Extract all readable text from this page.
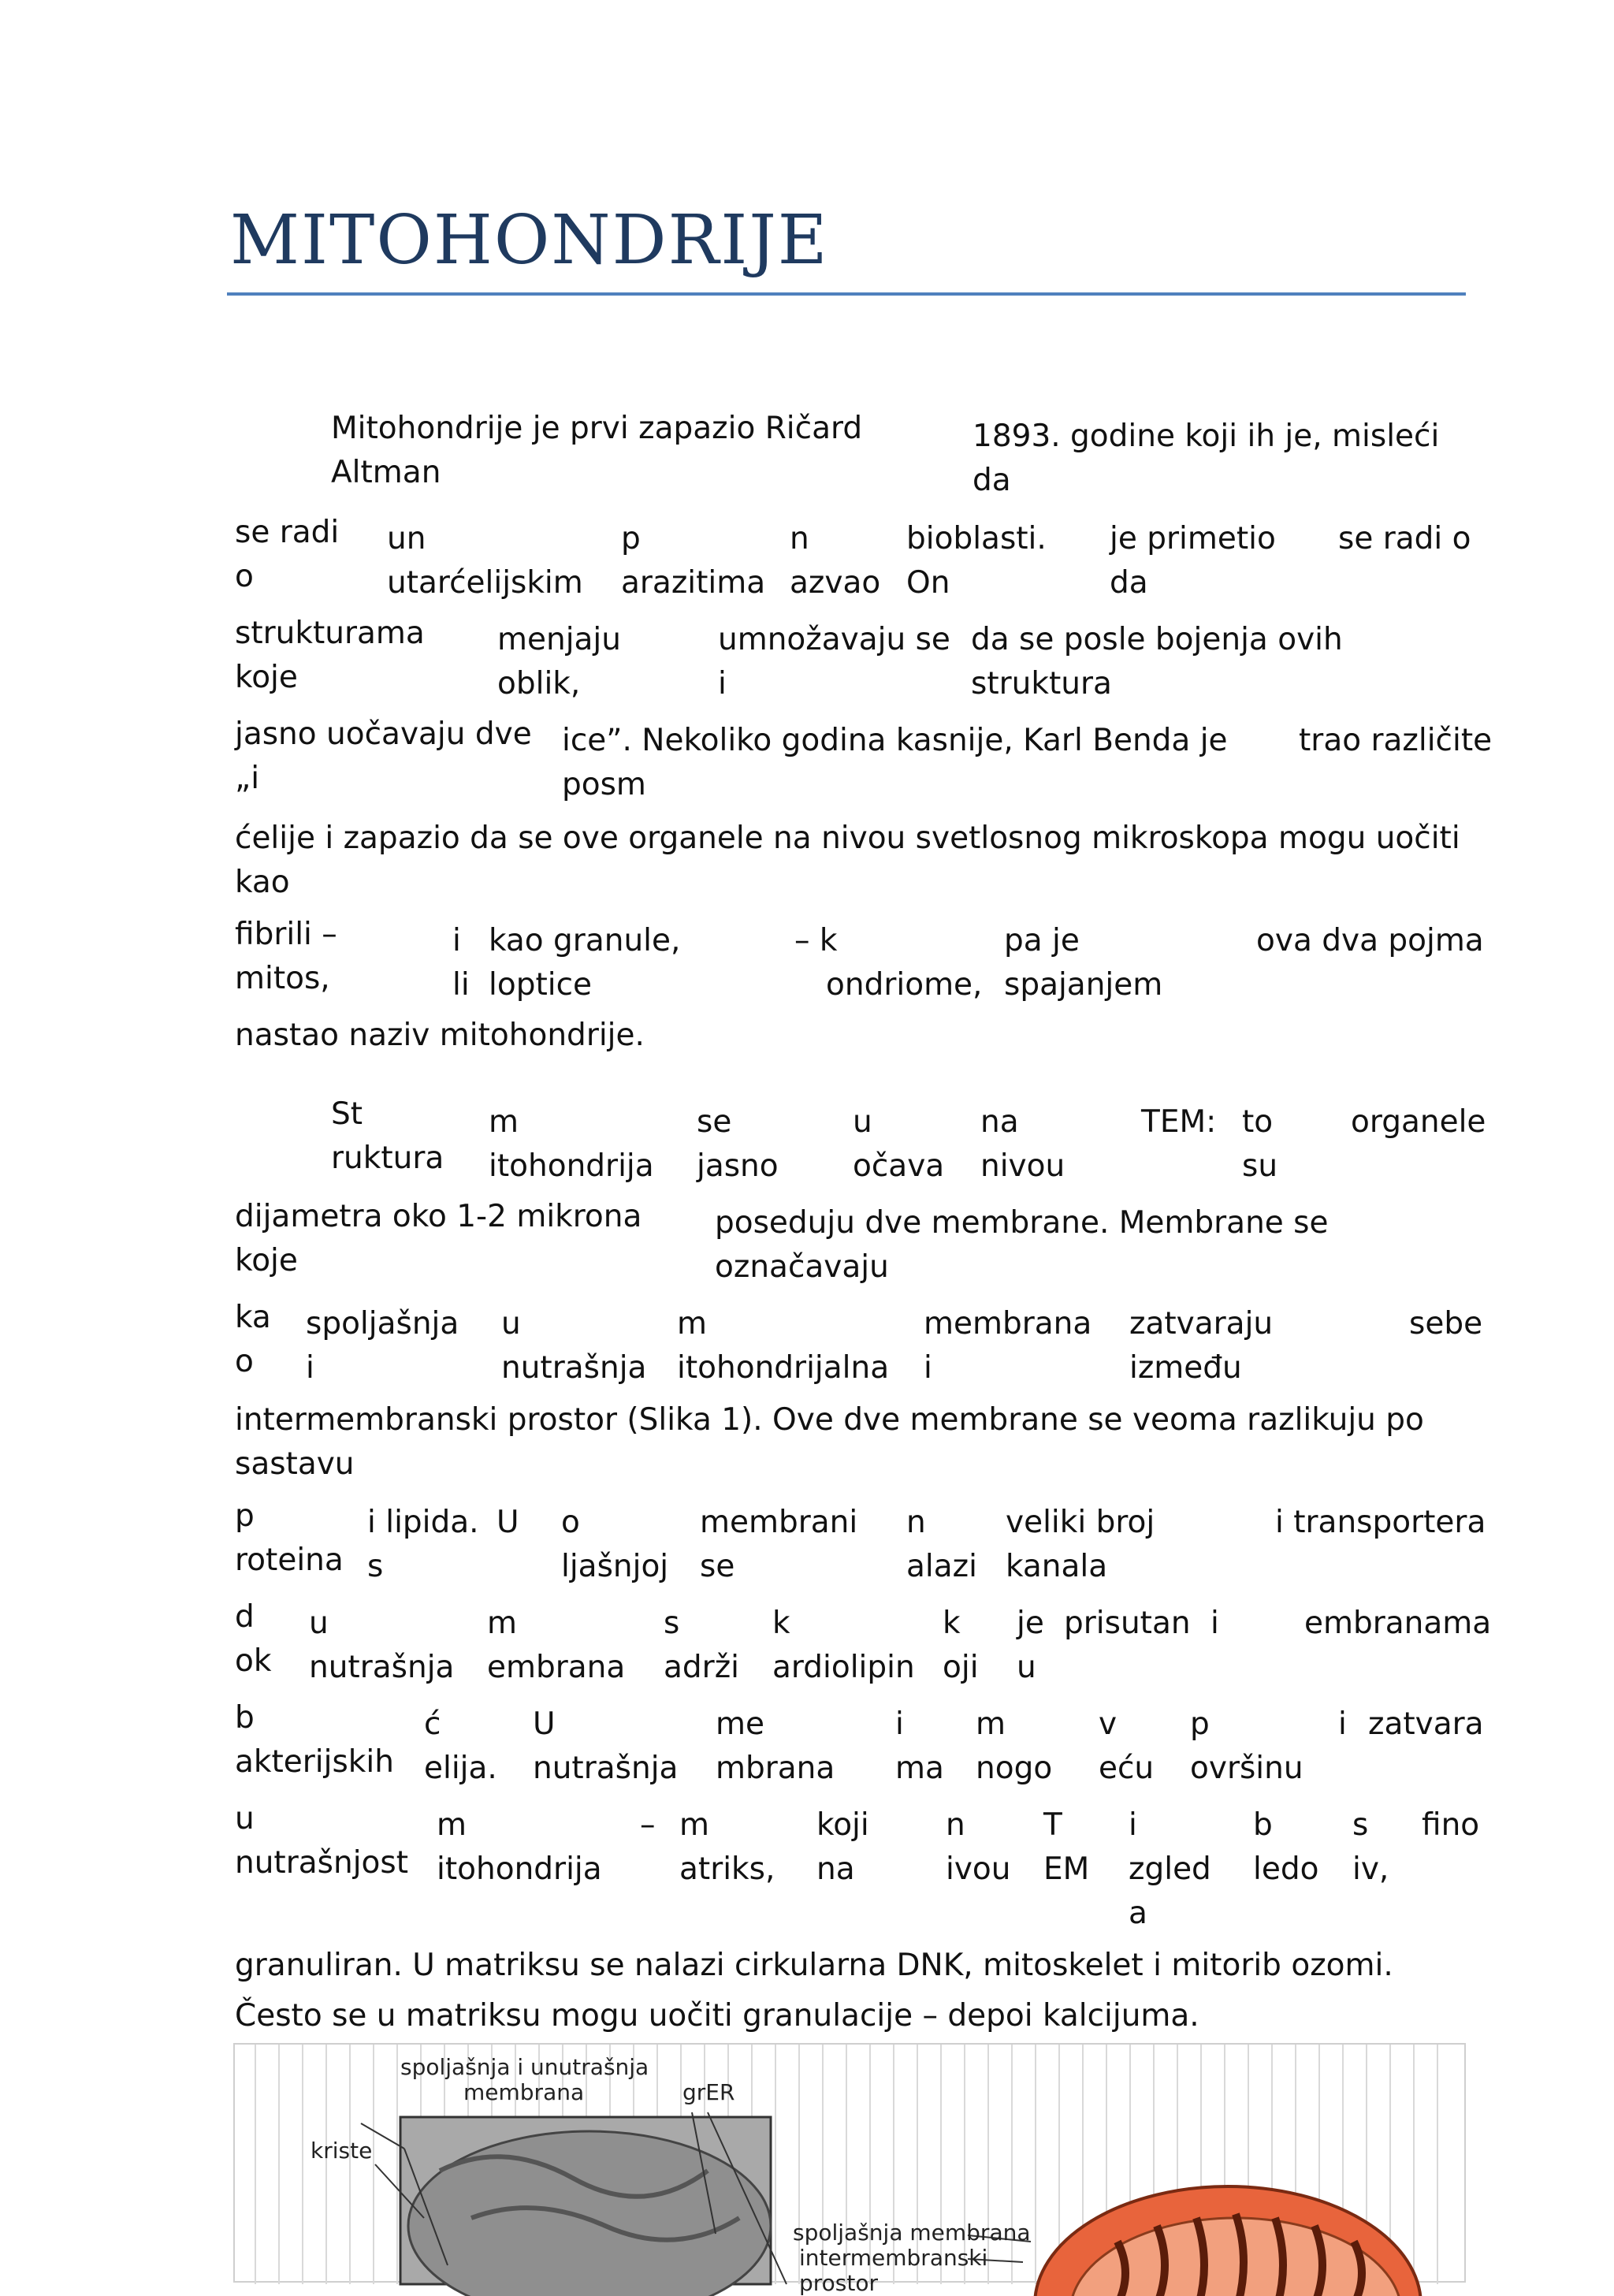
MITOHONDRIJE
Mitohondrije je prvi zapazio Ričard
Altman
1893. godine koji ih je, misleći
da
se radi
o
un
utarćelijskim
p
arazitima
n
azvao
bioblasti.
On
je primetio
da
se radi o
strukturama
koje
menjaju
oblik,
umnožavaju se
i
da se posle bojenja ovih
struktura
jasno uočavaju dve
„i
ice”. Nekoliko godina kasnije, Karl Benda je
posm
trao različite
ćelije i zapazio da se ove organele na nivou svetlosnog mikroskopa mogu uočiti
kao
fibrili –
mitos,
i
li
kao granule,
loptice
– k
ondriome,
pa je
spajanjem
ova dva pojma
nastao naziv mitohondrije.
St
ruktura
m
itohondrija
se
jasno
u
očava
na
nivou
TEM: to
su
organele
dijametra oko 1-2 mikrona
koje
poseduju dve membrane. Membrane se
označavaju
ka
o
spoljašnja
i
u
nutrašnja
m
itohondrijalna
membrana
i
zatvaraju
između
sebe
intermembranski prostor (Slika 1). Ove dve membrane se veoma razlikuju po
sastavu
p
roteina
i lipida. U
s
o
ljašnjoj
membrani
se
n
alazi
veliki broj
kanala
i transportera
d
ok
u
nutrašnja
m
embrana
s
adrži
k
ardiolipin
k
oji
je
u
prisutan i	embranama
b
akterijskih
ć
elija.
U
nutrašnja
me
mbrana
i
ma
m
nogo
v
eću
p
ovršinu
i zatvara
u
nutrašnjost
m
itohondrija
– m
atriks,
koji
na
n
ivou
T
EM
i
zgled
a
b
ledo
s
iv,
fino
granuliran. U matriksu se nalazi cirkularna DNK, mitoskelet i mitorib ozomi.
Često se u matriksu mogu uočiti granulacije – depoi kalcijuma.
spoljašnja i unutrašnja
membrana	grER
kriste
spoljašnja membrana
intermembranski
prostor
